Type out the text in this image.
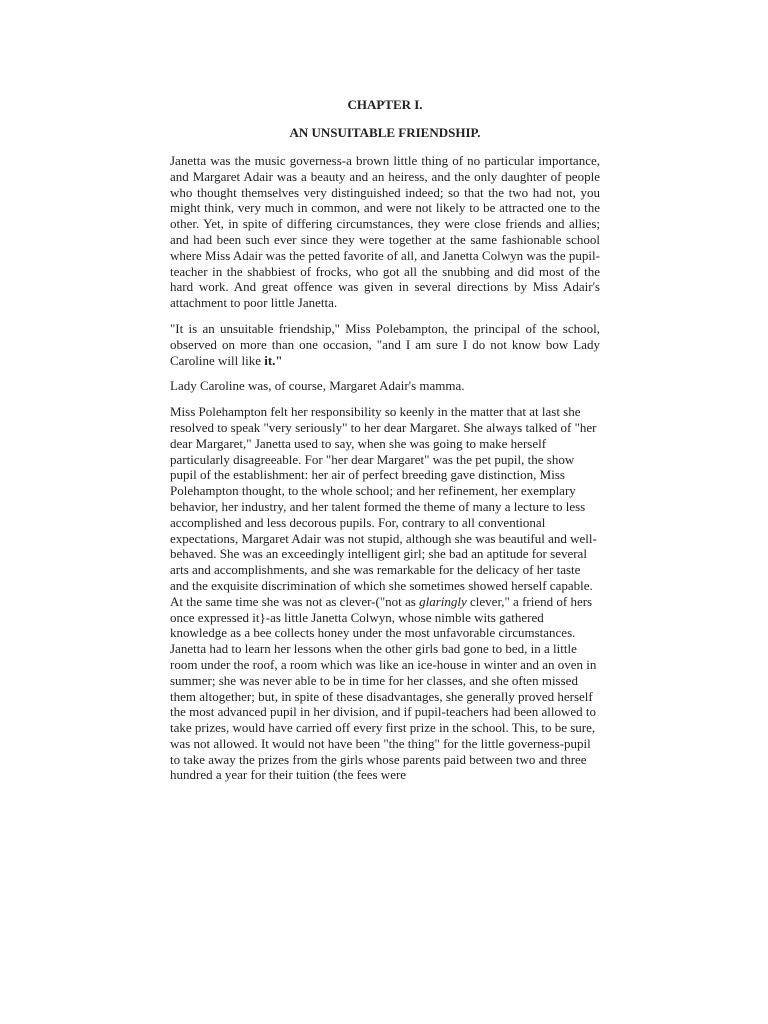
CHAPTER I.
AN UNSUITABLE FRIENDSHIP.

Janetta was the music governess-a brown little thing of no particular importance, and Margaret Adair was a beauty and an heiress, and the only daughter of people who thought themselves very distinguished indeed; so that the two had not, you might think, very much in common, and were not likely to be attracted one to the other. Yet, in spite of differing circumstances, they were close friends and allies; and had been such ever since they were together at the same fashionable school where Miss Adair was the petted favorite of all, and Janetta Colwyn was the pupil-teacher in the shabbiest of frocks, who got all the snubbing and did most of the hard work. And great offence was given in several directions by Miss Adair's attachment to poor little Janetta.

"It is an unsuitable friendship," Miss Polebampton, the principal of the school, observed on more than one occasion, "and I am sure I do not know bow Lady Caroline will like it."

Lady Caroline was, of course, Margaret Adair's mamma.

Miss Polehampton felt her responsibility so keenly in the matter that at last she resolved to speak "very seriously" to her dear Margaret. She always talked of "her dear Margaret," Janetta used to say, when she was going to make herself particularly disagreeable. For "her dear Margaret" was the pet pupil, the show pupil of the establishment: her air of perfect breeding gave distinction, Miss Polehampton thought, to the whole school; and her refinement, her exemplary behavior, her industry, and her talent formed the theme of many a lecture to less accomplished and less decorous pupils. For, contrary to all conventional expectations, Margaret Adair was not stupid, although she was beautiful and well-behaved. She was an exceedingly intelligent girl; she bad an aptitude for several arts and accomplishments, and she was remarkable for the delicacy of her taste and the exquisite discrimination of which she sometimes showed herself capable. At the same time she was not as clever-("not as glaringly clever," a friend of hers once expressed it}-as little Janetta Colwyn, whose nimble wits gathered knowledge as a bee collects honey under the most unfavorable circumstances. Janetta had to learn her lessons when the other girls bad gone to bed, in a little room under the roof, a room which was like an ice-house in winter and an oven in summer; she was never able to be in time for her classes, and she often missed them altogether; but, in spite of these disadvantages, she generally proved herself the most advanced pupil in her division, and if pupil-teachers had been allowed to take prizes, would have carried off every first prize in the school. This, to be sure, was not allowed. It would not have been "the thing" for the little governess-pupil to take away the prizes from the girls whose parents paid between two and three hundred a year for their tuition (the fees were
